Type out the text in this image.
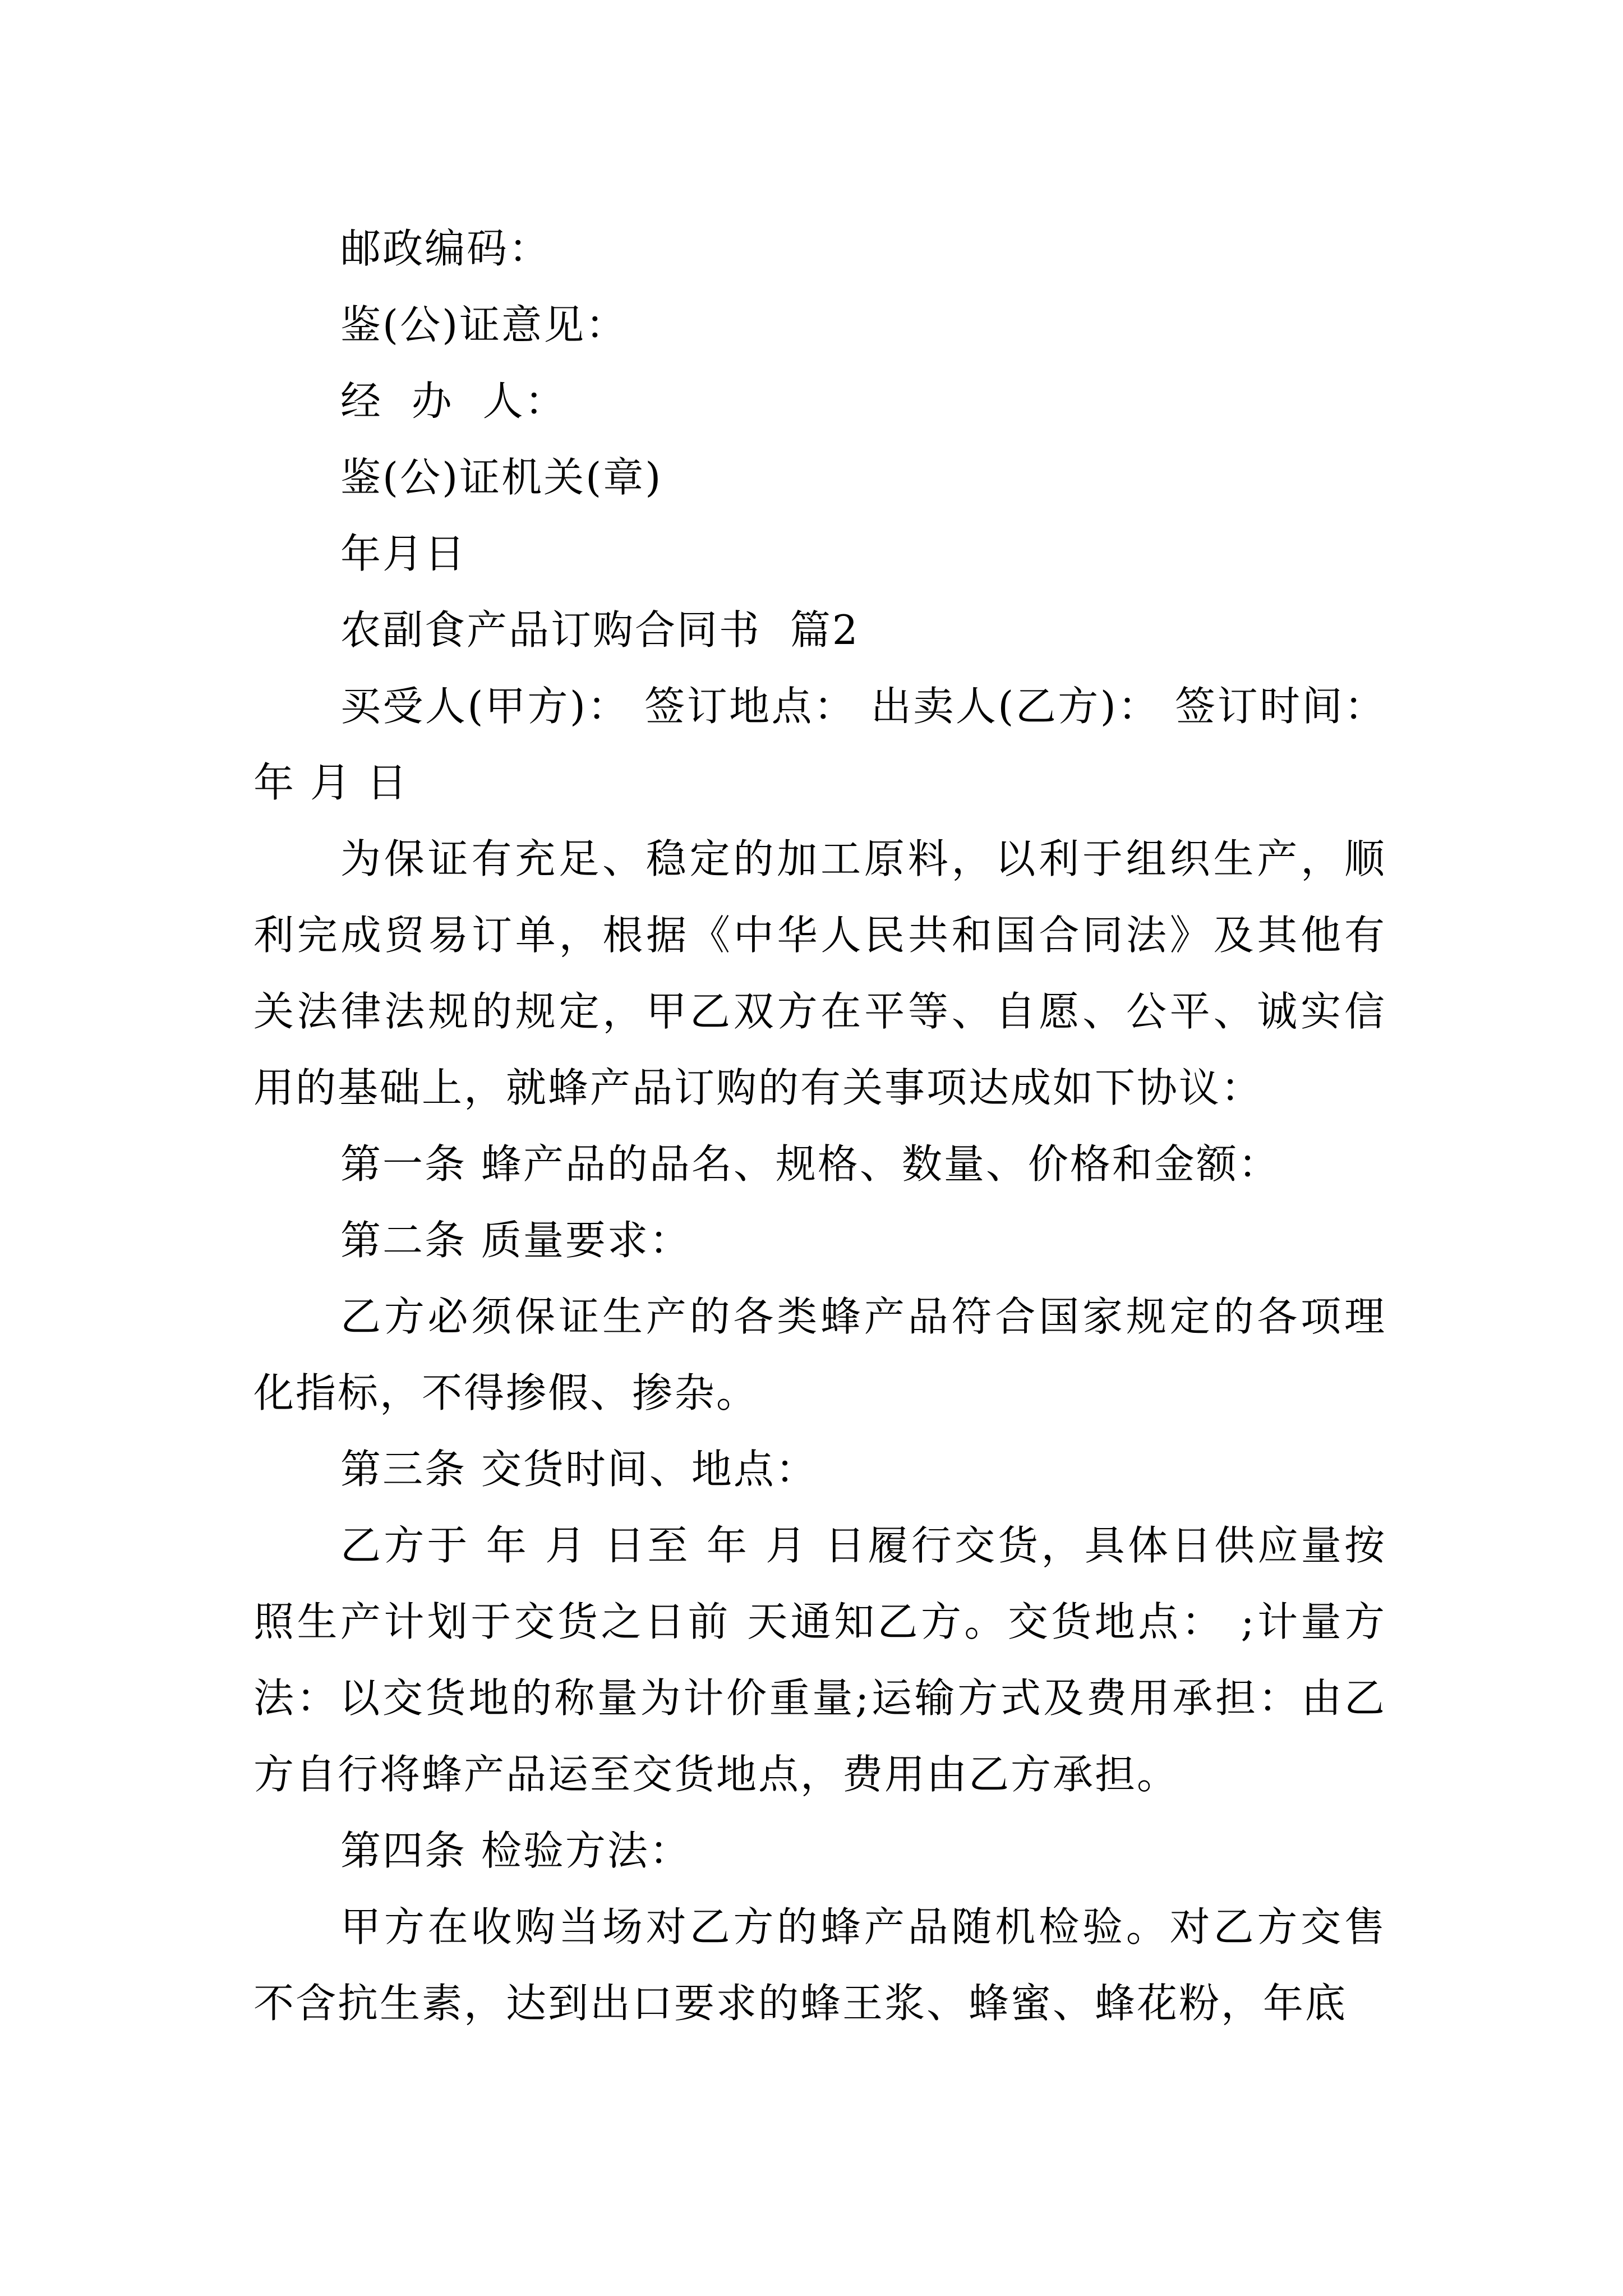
邮政编码：
鉴(公)证意见：
经  办  人：
鉴(公)证机关(章)
年月日
农副食产品订购合同书  篇2

买受人(甲方)： 签订地点： 出卖人(乙方)： 签订时间： 年 月 日

为保证有充足、稳定的加工原料，以利于组织生产，顺利完成贸易订单，根据《中华人民共和国合同法》及其他有关法律法规的规定，甲乙双方在平等、自愿、公平、诚实信用的基础上，就蜂产品订购的有关事项达成如下协议：

第一条 蜂产品的品名、规格、数量、价格和金额：

第二条 质量要求：

乙方必须保证生产的各类蜂产品符合国家规定的各项理化指标，不得掺假、掺杂。

第三条 交货时间、地点：

乙方于 年 月 日至 年 月 日履行交货，具体日供应量按照生产计划于交货之日前 天通知乙方。交货地点： ;计量方法：以交货地的称量为计价重量;运输方式及费用承担：由乙方自行将蜂产品运至交货地点，费用由乙方承担。

第四条 检验方法：

甲方在收购当场对乙方的蜂产品随机检验。对乙方交售不含抗生素，达到出口要求的蜂王浆、蜂蜜、蜂花粉，年底
